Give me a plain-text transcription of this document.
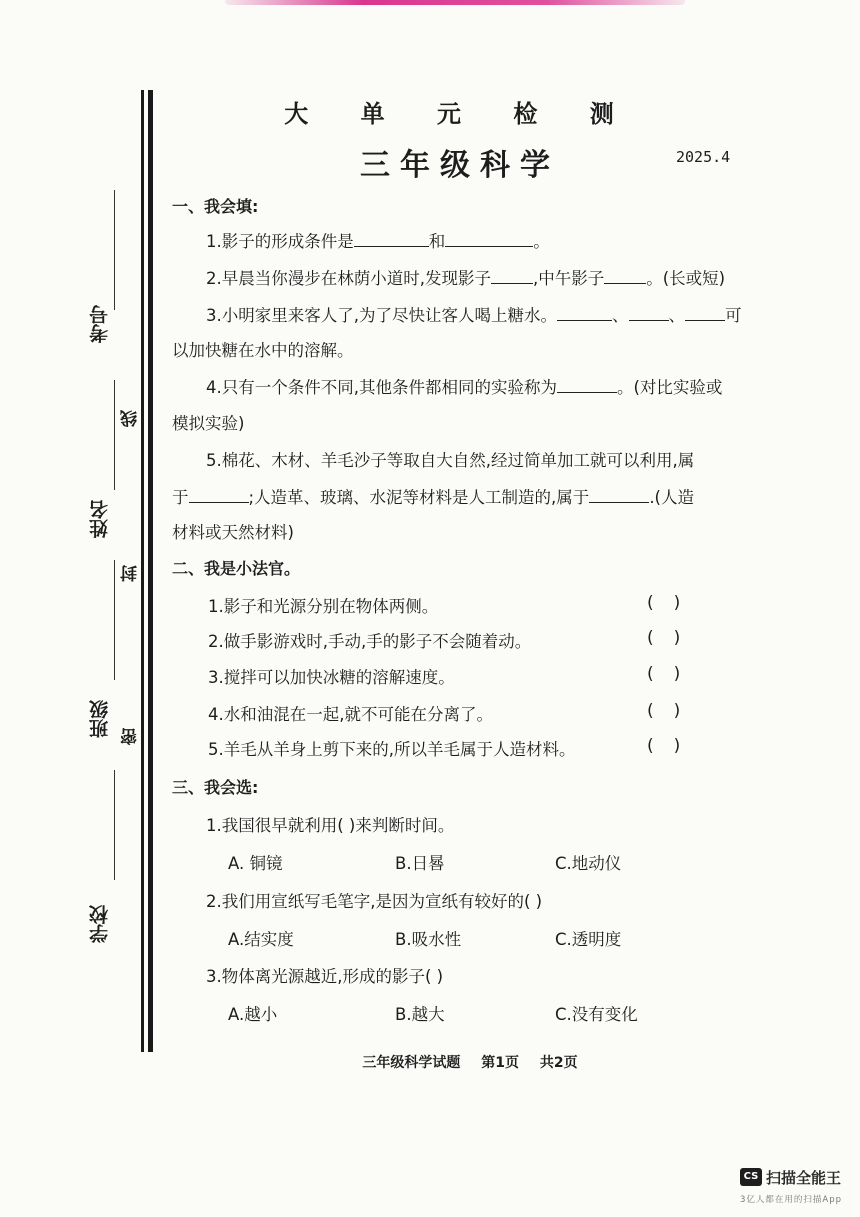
考号
姓名
班级
学校
线
封
密
大 单 元 检 测
三年级科学	2025.4
一、我会填:
1.影子的形成条件是	和	。
2.早晨当你漫步在林荫小道时,发现影子	,中午影子	。(长或短)
3.小明家里来客人了,为了尽快让客人喝上糖水。	、 、 可
以加快糖在水中的溶解。
4.只有一个条件不同,其他条件都相同的实验称为	。(对比实验或
模拟实验)
5.棉花、木材、羊毛沙子等取自大自然,经过简单加工就可以利用,属
于	;人造革、玻璃、水泥等材料是人工制造的,属于	.(人造
材料或天然材料)
二、我是小法官。
1.影子和光源分别在物体两侧。	()
2.做手影游戏时,手动,手的影子不会随着动。	()
3.搅拌可以加快冰糖的溶解速度。	()
4.水和油混在一起,就不可能在分离了。	()
5.羊毛从羊身上剪下来的,所以羊毛属于人造材料。	()
三、我会选:
1.我国很早就利用( )来判断时间。
A. 铜镜	B.日晷	C.地动仪
2.我们用宣纸写毛笔字,是因为宣纸有较好的( )
A.结实度	B.吸水性	C.透明度
3.物体离光源越近,形成的影子( )
A.越小	B.越大	C.没有变化
三年级科学试题 第1页 共2页
CS 扫描全能王
3亿人都在用的扫描App
